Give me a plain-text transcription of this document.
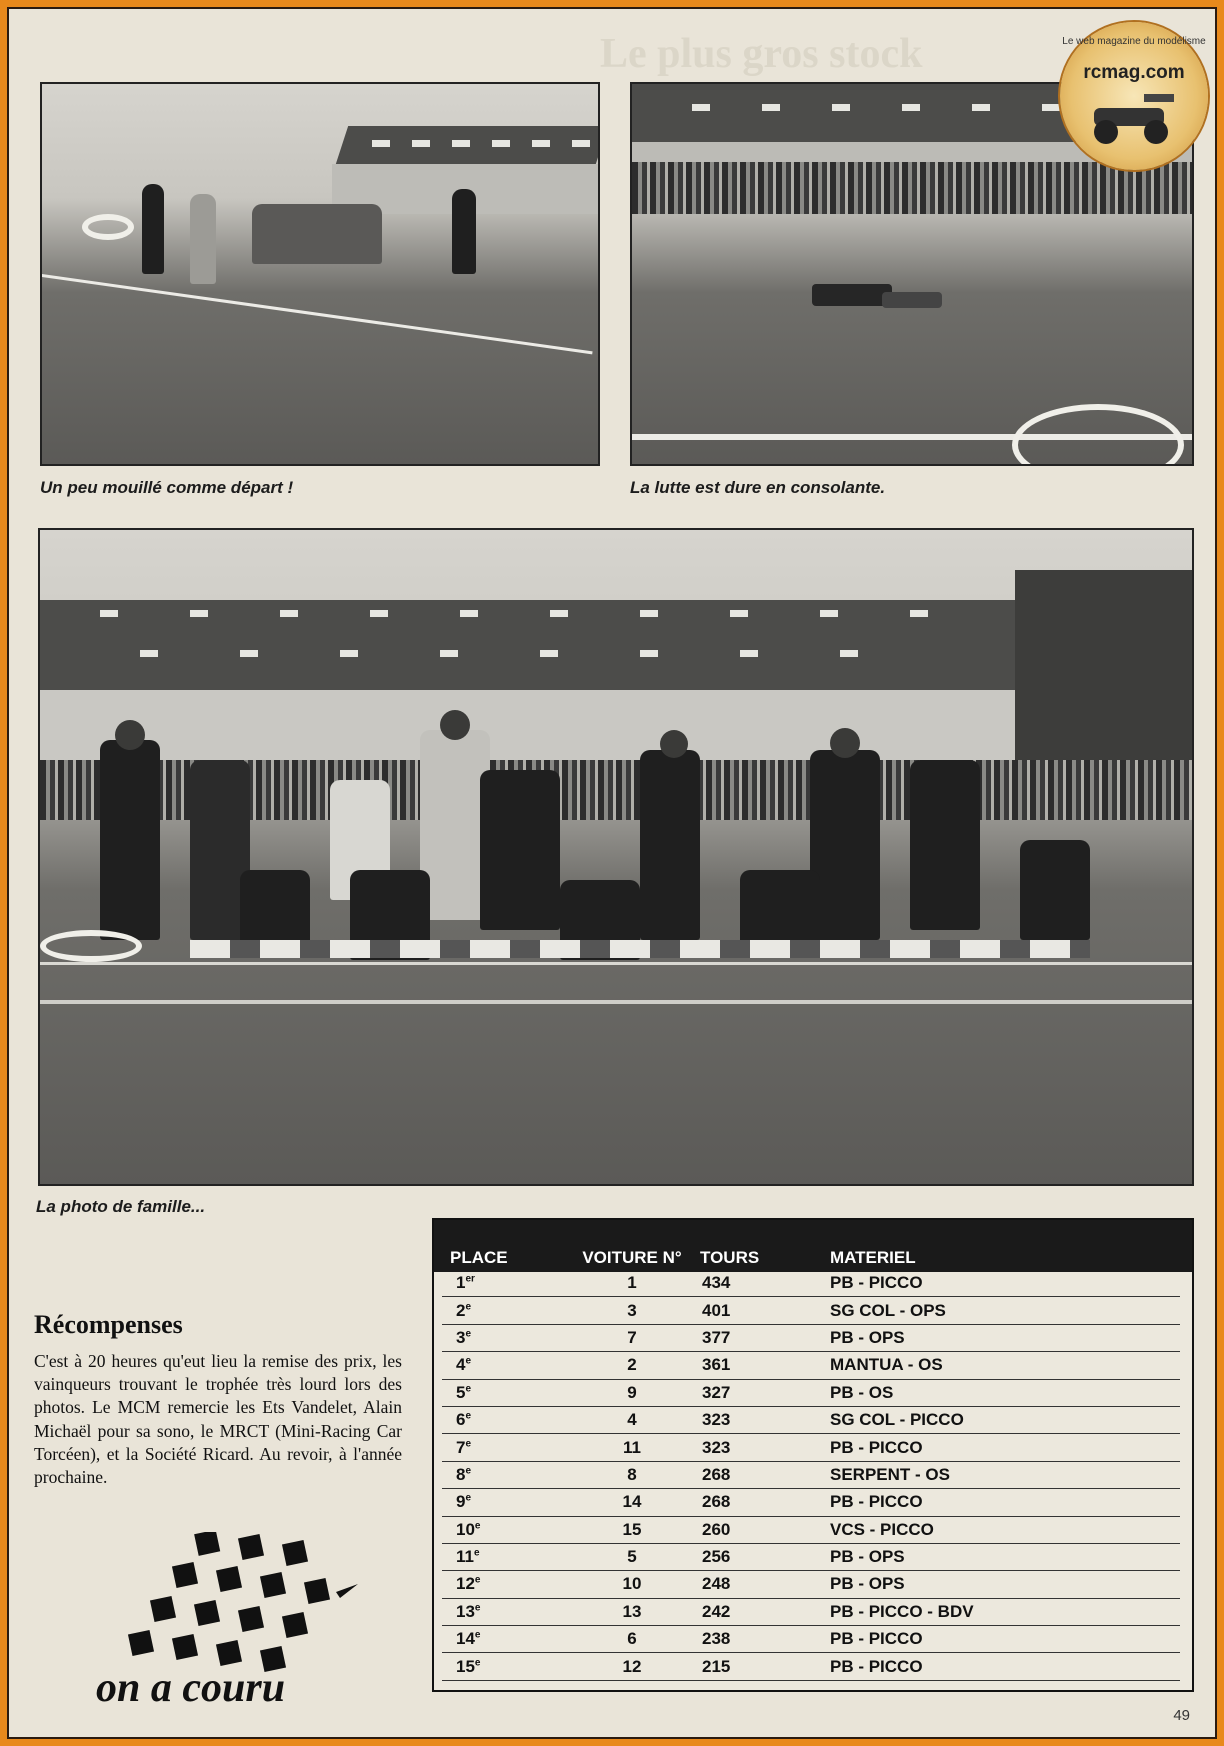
Le plus gros stock
Un peu mouillé comme départ !	La lutte est dure en consolante.
La photo de famille...
Récompenses
C'est à 20 heures qu'eut lieu la remise des prix, les vainqueurs trouvant le trophée très lourd lors des photos. Le MCM remercie les Ets Vandelet, Alain Michaël pour sa sono, le MRCT (Mini-Racing Car Torcéen), et la Société Ricard. Au revoir, à l'année prochaine.
on a couru
PLACE	VOITURE N°	TOURS	MATERIEL
1er	1	434	PB - PICCO
2e	3	401	SG COL - OPS
3e	7	377	PB - OPS
4e	2	361	MANTUA - OS
5e	9	327	PB - OS
6e	4	323	SG COL - PICCO
7e	11	323	PB - PICCO
8e	8	268	SERPENT - OS
9e	14	268	PB - PICCO
10e	15	260	VCS - PICCO
11e	5	256	PB - OPS
12e	10	248	PB - OPS
13e	13	242	PB - PICCO - BDV
14e	6	238	PB - PICCO
15e	12	215	PB - PICCO
Le web magazine du modélisme
rcmag.com
49
